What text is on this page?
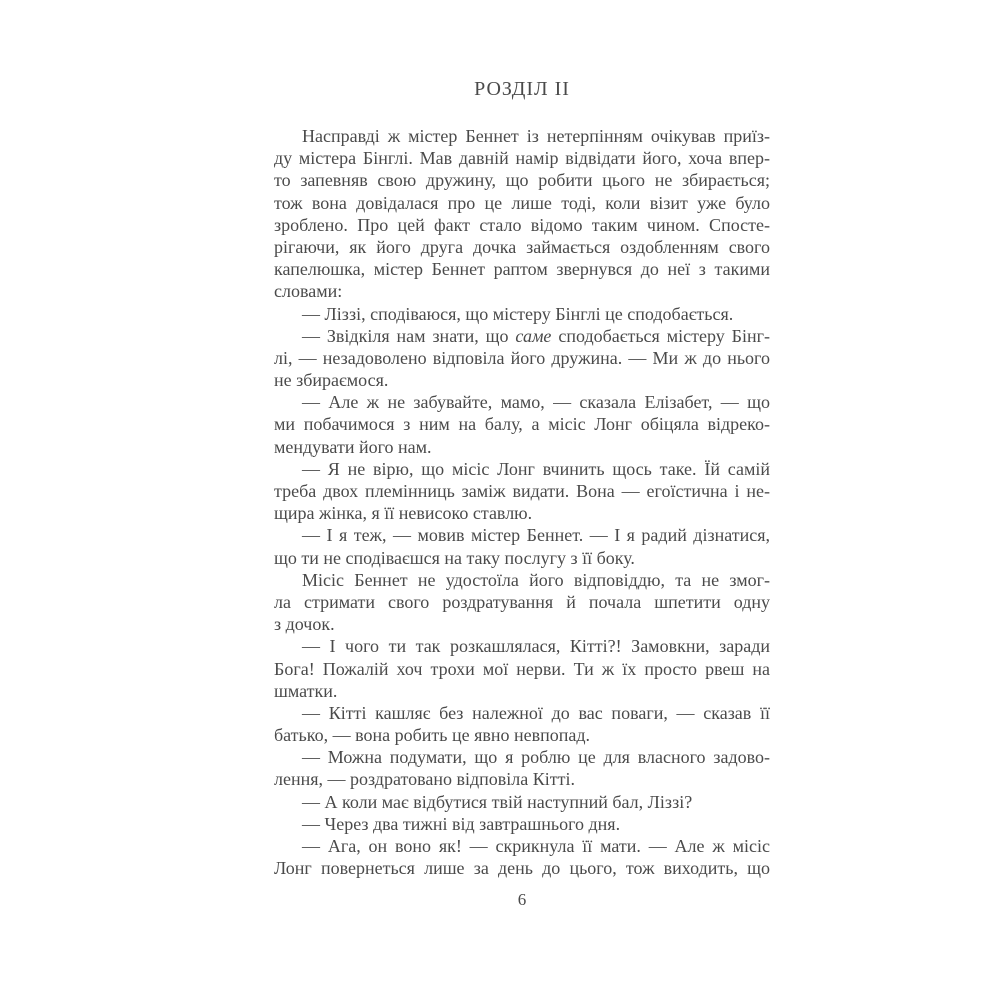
РОЗДІЛ II
Насправді ж містер Беннет із нетерпінням очікував приїз-
ду містера Бінглі. Мав давній намір відвідати його, хоча впер-
то запевняв свою дружину, що робити цього не збирається;
тож вона довідалася про це лише тоді, коли візит уже було
зроблено. Про цей факт стало відомо таким чином. Спосте-
рігаючи, як його друга дочка займається оздобленням свого
капелюшка, містер Беннет раптом звернувся до неї з такими
словами:
— Ліззі, сподіваюся, що містеру Бінглі це сподобається.
— Звідкіля нам знати, що саме сподобається містеру Бінг-
лі, — незадоволено відповіла його дружина. — Ми ж до нього
не збираємося.
— Але ж не забувайте, мамо, — сказала Елізабет, — що
ми побачимося з ним на балу, а місіс Лонг обіцяла відреко-
мендувати його нам.
— Я не вірю, що місіс Лонг вчинить щось таке. Їй самій
треба двох племінниць заміж видати. Вона — егоїстична і не-
щира жінка, я її невисоко ставлю.
— І я теж, — мовив містер Беннет. — І я радий дізнатися,
що ти не сподіваєшся на таку послугу з її боку.
Місіс Беннет не удостоїла його відповіддю, та не змог-
ла стримати свого роздратування й почала шпетити одну
з дочок.
— І чого ти так розкашлялася, Кітті?! Замовкни, заради
Бога! Пожалій хоч трохи мої нерви. Ти ж їх просто рвеш на
шматки.
— Кітті кашляє без належної до вас поваги, — сказав її
батько, — вона робить це явно невпопад.
— Можна подумати, що я роблю це для власного задово-
лення, — роздратовано відповіла Кітті.
— А коли має відбутися твій наступний бал, Ліззі?
— Через два тижні від завтрашнього дня.
— Ага, он воно як! — скрикнула її мати. — Але ж місіс
Лонг повернеться лише за день до цього, тож виходить, що
6
